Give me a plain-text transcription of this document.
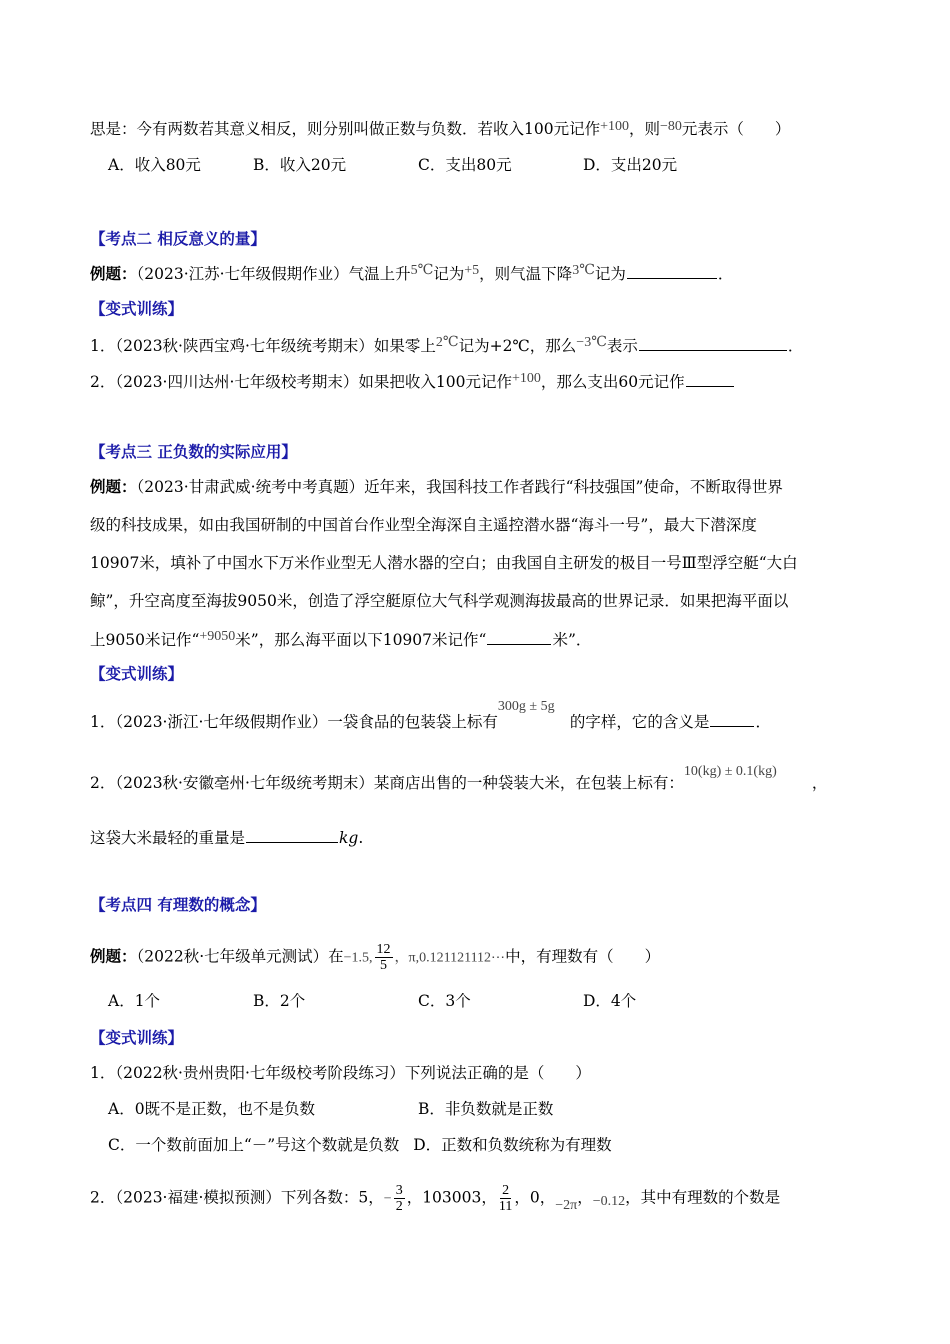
思是：今有两数若其意义相反，则分别叫做正数与负数．若收入100元记作+100，则−80元表示（　　）
A．收入80元	B．收入20元	C．支出80元	D．支出20元
【考点二 相反意义的量】
例题：（2023·江苏·七年级假期作业）气温上升5℃记为+5，则气温下降3℃记为	．
【变式训练】
1．（2023秋·陕西宝鸡·七年级统考期末）如果零上2℃记为+2℃，那么−3℃表示	．
2．（2023·四川达州·七年级校考期末）如果把收入100元记作+100，那么支出60元记作
【考点三 正负数的实际应用】
例题：（2023·甘肃武威·统考中考真题）近年来，我国科技工作者践行“科技强国”使命，不断取得世界
级的科技成果，如由我国研制的中国首台作业型全海深自主遥控潜水器“海斗一号”，最大下潜深度
10907米，填补了中国水下万米作业型无人潜水器的空白；由我国自主研发的极目一号Ⅲ型浮空艇“大白
鲸”，升空高度至海拔9050米，创造了浮空艇原位大气科学观测海拔最高的世界记录．如果把海平面以
上9050米记作“+9050米”，那么海平面以下10907米记作“	米”．
【变式训练】
1．（2023·浙江·七年级假期作业）一袋食品的包装袋上标有300g ± 5g的字样，它的含义是	．
2．（2023秋·安徽亳州·七年级统考期末）某商店出售的一种袋装大米，在包装上标有：10(kg) ± 0.1(kg)，
这袋大米最轻的重量是	kg.
【考点四 有理数的概念】
例题：（2022秋·七年级单元测试）在−1.5, $\frac{12}{5}$ ，π,0.121121112⋯中，有理数有（　　）
A．1个	B．2个	C．3个	D．4个
【变式训练】
1．（2022秋·贵州贵阳·七年级校考阶段练习）下列说法正确的是（　　）
A．0既不是正数，也不是负数	B．非负数就是正数
C．一个数前面加上“－”号这个数就是负数 D．正数和负数统称为有理数
2．（2023·福建·模拟预测）下列各数：5，− $\frac{3}{2}$ ，103003， $\frac{2}{11}$ ，0，−2π，−0.12，其中有理数的个数是
